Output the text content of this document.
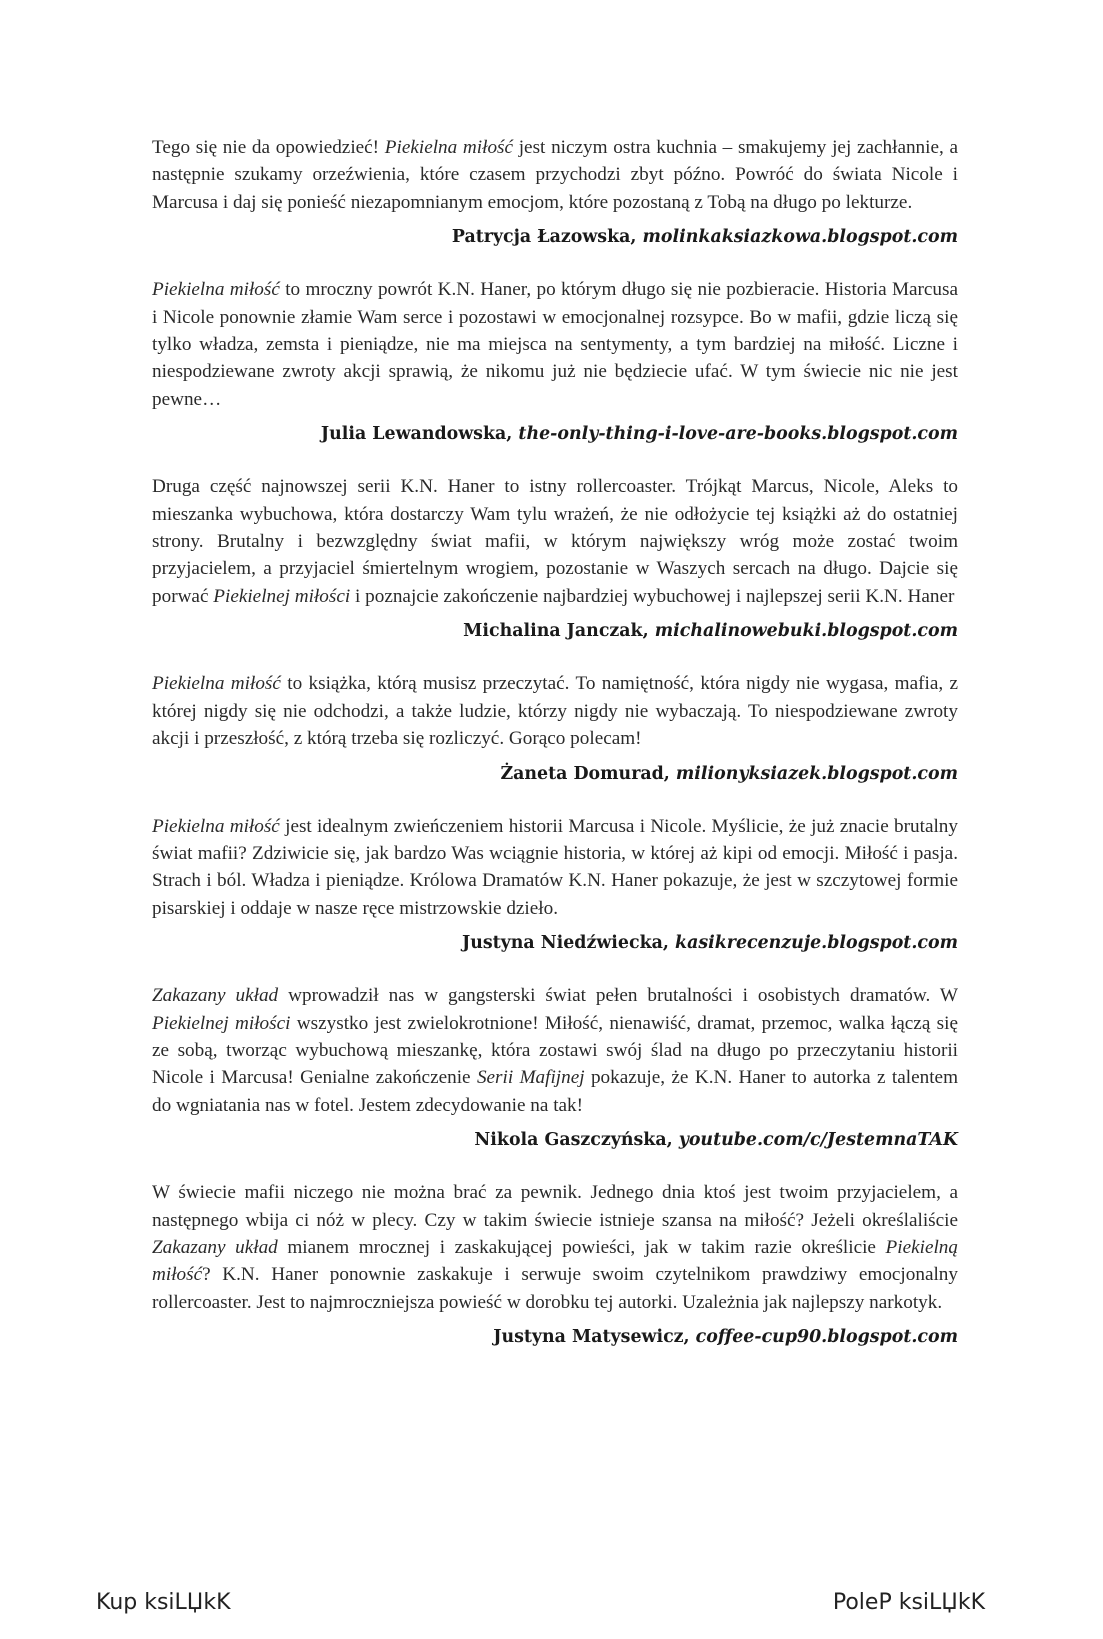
Tego się nie da opowiedzieć! Piekielna miłość jest niczym ostra kuchnia – smakujemy jej zachłannie, a następnie szukamy orzeźwienia, które czasem przychodzi zbyt późno. Powróć do świata Nicole i Marcusa i daj się ponieść niezapomnianym emocjom, które pozostaną z Tobą na długo po lekturze.

Patrycja Łazowska, molinkaksiazkowa.blogspot.com

Piekielna miłość to mroczny powrót K.N. Haner, po którym długo się nie pozbieracie. Historia Marcusa i Nicole ponownie złamie Wam serce i pozostawi w emocjonalnej rozsypce. Bo w mafii, gdzie liczą się tylko władza, zemsta i pieniądze, nie ma miejsca na sentymenty, a tym bardziej na miłość. Liczne i niespodziewane zwroty akcji sprawią, że nikomu już nie będziecie ufać. W tym świecie nic nie jest pewne…

Julia Lewandowska, the-only-thing-i-love-are-books.blogspot.com

Druga część najnowszej serii K.N. Haner to istny rollercoaster. Trójkąt Marcus, Nicole, Aleks to mieszanka wybuchowa, która dostarczy Wam tylu wrażeń, że nie odłożycie tej książki aż do ostatniej strony. Brutalny i bezwzględny świat mafii, w którym największy wróg może zostać twoim przyjacielem, a przyjaciel śmiertelnym wrogiem, pozostanie w Waszych sercach na długo. Dajcie się porwać Piekielnej miłości i poznajcie zakończenie najbardziej wybuchowej i najlepszej serii K.N. Haner

Michalina Janczak, michalinowebuki.blogspot.com

Piekielna miłość to książka, którą musisz przeczytać. To namiętność, która nigdy nie wygasa, mafia, z której nigdy się nie odchodzi, a także ludzie, którzy nigdy nie wybaczają. To niespodziewane zwroty akcji i przeszłość, z którą trzeba się rozliczyć. Gorąco polecam!

Żaneta Domurad, milionyksiazek.blogspot.com

Piekielna miłość jest idealnym zwieńczeniem historii Marcusa i Nicole. Myślicie, że już znacie brutalny świat mafii? Zdziwicie się, jak bardzo Was wciągnie historia, w której aż kipi od emocji. Miłość i pasja. Strach i ból. Władza i pieniądze. Królowa Dramatów K.N. Haner pokazuje, że jest w szczytowej formie pisarskiej i oddaje w nasze ręce mistrzowskie dzieło.

Justyna Niedźwiecka, kasikrecenzuje.blogspot.com

Zakazany układ wprowadził nas w gangsterski świat pełen brutalności i osobistych dramatów. W Piekielnej miłości wszystko jest zwielokrotnione! Miłość, nienawiść, dramat, przemoc, walka łączą się ze sobą, tworząc wybuchową mieszankę, która zostawi swój ślad na długo po przeczytaniu historii Nicole i Marcusa! Genialne zakończenie Serii Mafijnej pokazuje, że K.N. Haner to autorka z talentem do wgniatania nas w fotel. Jestem zdecydowanie na tak!

Nikola Gaszczyńska, youtube.com/c/JestemnaTAK

W świecie mafii niczego nie można brać za pewnik. Jednego dnia ktoś jest twoim przyjacielem, a następnego wbija ci nóż w plecy. Czy w takim świecie istnieje szansa na miłość? Jeżeli określaliście Zakazany układ mianem mrocznej i zaskakującej powieści, jak w takim razie określicie Piekielną miłość? K.N. Haner ponownie zaskakuje i serwuje swoim czytelnikom prawdziwy emocjonalny rollercoaster. Jest to najmroczniejsza powieść w dorobku tej autorki. Uzależnia jak najlepszy narkotyk.

Justyna Matysewicz, coffee-cup90.blogspot.com

Kup ksiLЏkK	PoleP ksiLЏkK
